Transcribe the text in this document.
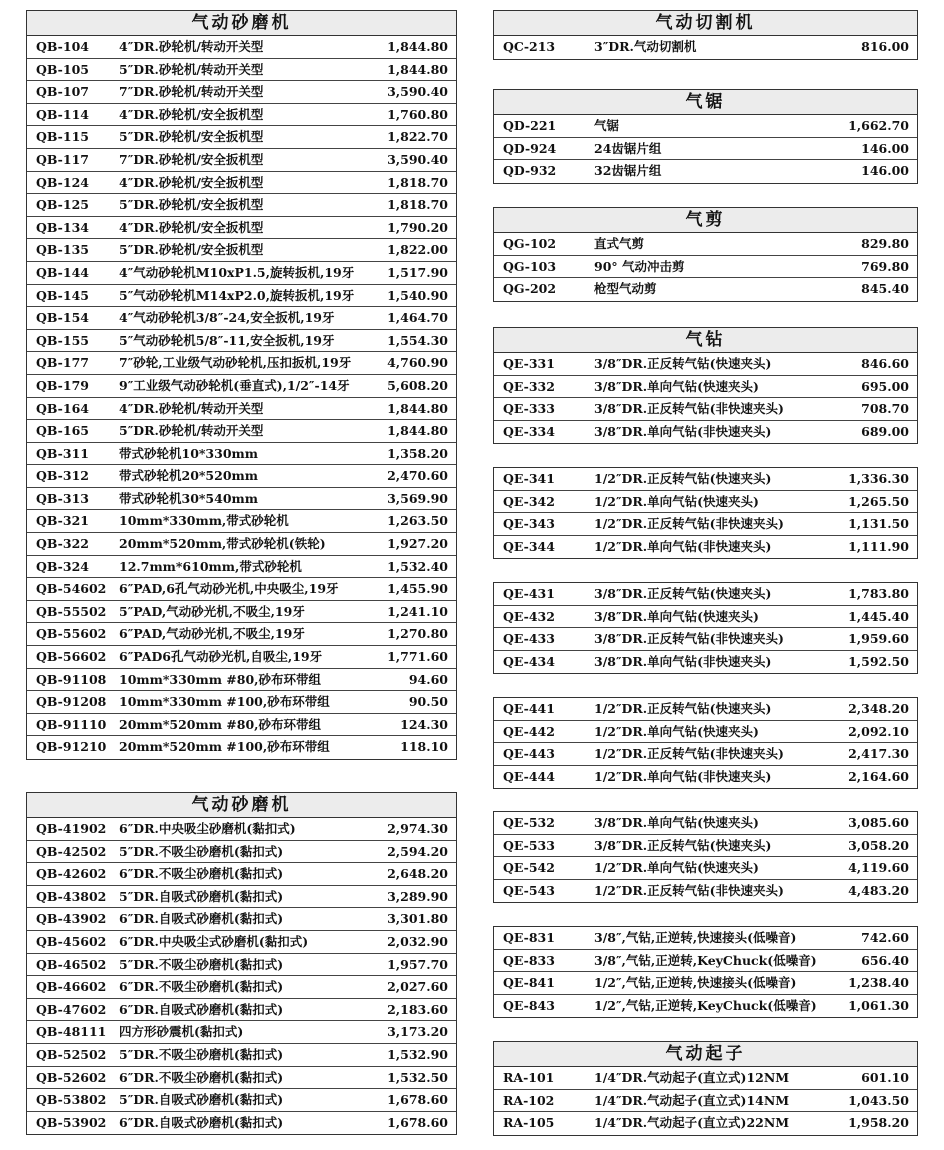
气动砂磨机
QB-104 4″DR.砂轮机/转动开关型	1,844.80
QB-105 5″DR.砂轮机/转动开关型	1,844.80
QB-107 7″DR.砂轮机/转动开关型	3,590.40
QB-114 4″DR.砂轮机/安全扳机型	1,760.80
QB-115 5″DR.砂轮机/安全扳机型	1,822.70
QB-117 7″DR.砂轮机/安全扳机型	3,590.40
QB-124 4″DR.砂轮机/安全扳机型	1,818.70
QB-125 5″DR.砂轮机/安全扳机型	1,818.70
QB-134 4″DR.砂轮机/安全扳机型	1,790.20
QB-135 5″DR.砂轮机/安全扳机型	1,822.00
QB-144 4″气动砂轮机M10xP1.5,旋转扳机,19牙	1,517.90
QB-145 5″气动砂轮机M14xP2.0,旋转扳机,19牙	1,540.90
QB-154 4″气动砂轮机3/8″-24,安全扳机,19牙	1,464.70
QB-155 5″气动砂轮机5/8″-11,安全扳机,19牙	1,554.30
QB-177 7″砂轮,工业级气动砂轮机,压扣扳机,19牙	4,760.90
QB-179 9″工业级气动砂轮机(垂直式),1/2″-14牙	5,608.20
QB-164 4″DR.砂轮机/转动开关型	1,844.80
QB-165 5″DR.砂轮机/转动开关型	1,844.80
QB-311 带式砂轮机10*330mm	1,358.20
QB-312 带式砂轮机20*520mm	2,470.60
QB-313 带式砂轮机30*540mm	3,569.90
QB-321 10mm*330mm,带式砂轮机	1,263.50
QB-322 20mm*520mm,带式砂轮机(铁轮)	1,927.20
QB-324 12.7mm*610mm,带式砂轮机	1,532.40
QB-54602 6″PAD,6孔气动砂光机,中央吸尘,19牙	1,455.90
QB-55502 5″PAD,气动砂光机,不吸尘,19牙	1,241.10
QB-55602 6″PAD,气动砂光机,不吸尘,19牙	1,270.80
QB-56602 6″PAD6孔气动砂光机,自吸尘,19牙	1,771.60
QB-91108 10mm*330mm #80,砂布环带组	94.60
QB-91208 10mm*330mm #100,砂布环带组	90.50
QB-91110 20mm*520mm #80,砂布环带组	124.30
QB-91210 20mm*520mm #100,砂布环带组	118.10
气动砂磨机
QB-41902 6″DR.中央吸尘砂磨机(黏扣式)	2,974.30
QB-42502 5″DR.不吸尘砂磨机(黏扣式)	2,594.20
QB-42602 6″DR.不吸尘砂磨机(黏扣式)	2,648.20
QB-43802 5″DR.自吸式砂磨机(黏扣式)	3,289.90
QB-43902 6″DR.自吸式砂磨机(黏扣式)	3,301.80
QB-45602 6″DR.中央吸尘式砂磨机(黏扣式)	2,032.90
QB-46502 5″DR.不吸尘砂磨机(黏扣式)	1,957.70
QB-46602 6″DR.不吸尘砂磨机(黏扣式)	2,027.60
QB-47602 6″DR.自吸式砂磨机(黏扣式)	2,183.60
QB-48111 四方形砂震机(黏扣式)	3,173.20
QB-52502 5″DR.不吸尘砂磨机(黏扣式)	1,532.90
QB-52602 6″DR.不吸尘砂磨机(黏扣式)	1,532.50
QB-53802 5″DR.自吸式砂磨机(黏扣式)	1,678.60
QB-53902 6″DR.自吸式砂磨机(黏扣式)	1,678.60
气动切割机
QC-213	3″DR.气动切割机	816.00
气锯
QD-221	气锯	1,662.70
QD-924	24齿锯片组	146.00
QD-932	32齿锯片组	146.00
气剪
QG-102	直式气剪	829.80
QG-103	90° 气动冲击剪	769.80
QG-202	枪型气动剪	845.40
气钻
QE-331	3/8″DR.正反转气钻(快速夹头)	846.60
QE-332	3/8″DR.单向气钻(快速夹头)	695.00
QE-333	3/8″DR.正反转气钻(非快速夹头)	708.70
QE-334	3/8″DR.单向气钻(非快速夹头)	689.00
QE-341	1/2″DR.正反转气钻(快速夹头)	1,336.30
QE-342	1/2″DR.单向气钻(快速夹头)	1,265.50
QE-343	1/2″DR.正反转气钻(非快速夹头)	1,131.50
QE-344	1/2″DR.单向气钻(非快速夹头)	1,111.90
QE-431	3/8″DR.正反转气钻(快速夹头)	1,783.80
QE-432	3/8″DR.单向气钻(快速夹头)	1,445.40
QE-433	3/8″DR.正反转气钻(非快速夹头)	1,959.60
QE-434	3/8″DR.单向气钻(非快速夹头)	1,592.50
QE-441	1/2″DR.正反转气钻(快速夹头)	2,348.20
QE-442	1/2″DR.单向气钻(快速夹头)	2,092.10
QE-443	1/2″DR.正反转气钻(非快速夹头)	2,417.30
QE-444	1/2″DR.单向气钻(非快速夹头)	2,164.60
QE-532	3/8″DR.单向气钻(快速夹头)	3,085.60
QE-533	3/8″DR.正反转气钻(快速夹头)	3,058.20
QE-542	1/2″DR.单向气钻(快速夹头)	4,119.60
QE-543	1/2″DR.正反转气钻(非快速夹头)	4,483.20
QE-831	3/8″,气钻,正逆转,快速接头(低噪音)	742.60
QE-833	3/8″,气钻,正逆转,KeyChuck(低噪音)	656.40
QE-841	1/2″,气钻,正逆转,快速接头(低噪音)	1,238.40
QE-843	1/2″,气钻,正逆转,KeyChuck(低噪音)	1,061.30
气动起子
RA-101	1/4″DR.气动起子(直立式)12NM	601.10
RA-102	1/4″DR.气动起子(直立式)14NM	1,043.50
RA-105	1/4″DR.气动起子(直立式)22NM	1,958.20
